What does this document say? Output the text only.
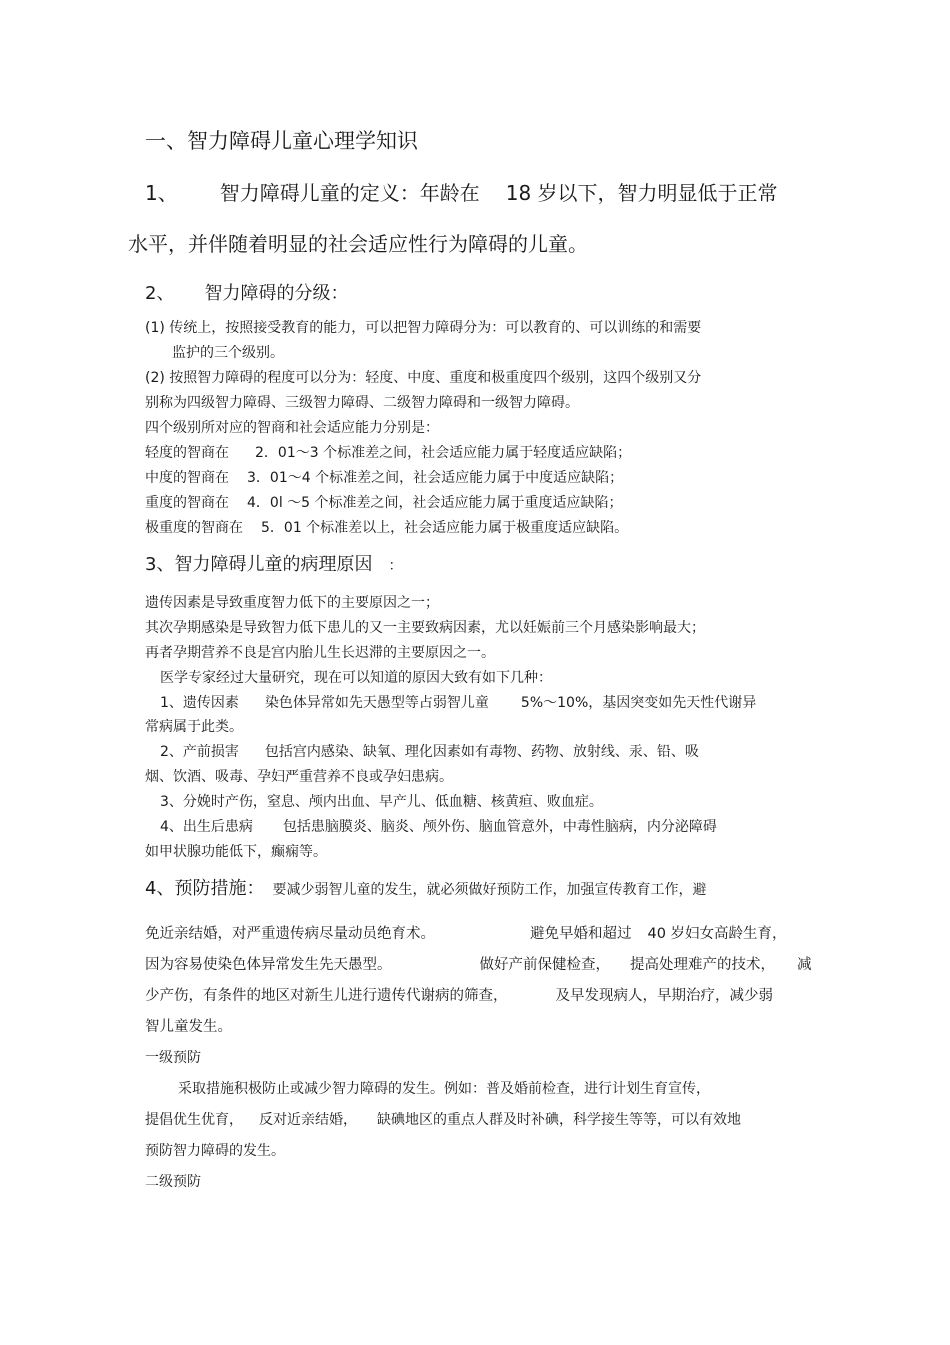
一、智力障碍儿童心理学知识
1、 智力障碍儿童的定义：年龄在 18 岁以下，智力明显低于正常
水平，并伴随着明显的社会适应性行为障碍的儿童。
2、 智力障碍的分级：
(1) 传统上，按照接受教育的能力，可以把智力障碍分为：可以教育的、可以训练的和需要
监护的三个级别。
(2) 按照智力障碍的程度可以分为：轻度、中度、重度和极重度四个级别，这四个级别又分
别称为四级智力障碍、三级智力障碍、二级智力障碍和一级智力障碍。
四个级别所对应的智商和社会适应能力分别是：
轻度的智商在 2．01～3 个标准差之间，社会适应能力属于轻度适应缺陷；
中度的智商在 3．01～4 个标准差之间，社会适应能力属于中度适应缺陷；
重度的智商在 4．0l ～5 个标准差之间，社会适应能力属于重度适应缺陷；
极重度的智商在 5．01 个标准差以上，社会适应能力属于极重度适应缺陷。
3、智力障碍儿童的病理原因 ：
遗传因素是导致重度智力低下的主要原因之一；
其次孕期感染是导致智力低下患儿的又一主要致病因素，尤以妊娠前三个月感染影响最大；
再者孕期营养不良是宫内胎儿生长迟滞的主要原因之一。
医学专家经过大量研究，现在可以知道的原因大致有如下几种：
1、遗传因素 染色体异常如先天愚型等占弱智儿童 5%～10%，基因突变如先天性代谢异
常病属于此类。
2、产前损害 包括宫内感染、缺氧、理化因素如有毒物、药物、放射线、汞、铅、吸
烟、饮酒、吸毒、孕妇严重营养不良或孕妇患病。
3、分娩时产伤，窒息、颅内出血、早产儿、低血糖、核黄疸、败血症。
4、出生后患病 包括患脑膜炎、脑炎、颅外伤、脑血管意外，中毒性脑病，内分泌障碍
如甲状腺功能低下，癫痫等。
4、预防措施： 要减少弱智儿童的发生，就必须做好预防工作，加强宣传教育工作，避
免近亲结婚，对严重遗传病尽量动员绝育术。	避免早婚和超过 40 岁妇女高龄生育，
因为容易使染色体异常发生先天愚型。	做好产前保健检查， 提高处理难产的技术， 减
少产伤，有条件的地区对新生儿进行遗传代谢病的筛查，	及早发现病人，早期治疗，减少弱
智儿童发生。
一级预防
采取措施积极防止或减少智力障碍的发生。例如：普及婚前检查，进行计划生育宣传，
提倡优生优育， 反对近亲结婚， 缺碘地区的重点人群及时补碘，科学接生等等，可以有效地
预防智力障碍的发生。
二级预防
